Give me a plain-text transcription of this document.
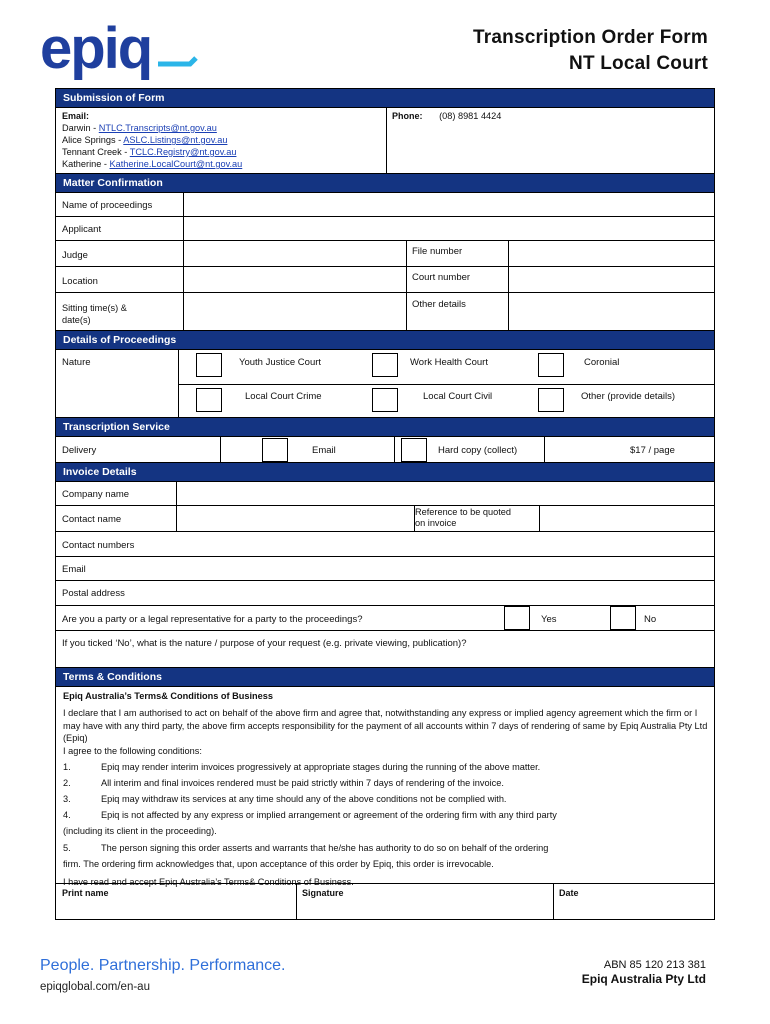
epiq	Transcription Order Form
NT Local Court
Submission of Form
Email:
Darwin - NTLC.Transcripts@nt.gov.au
Alice Springs - ASLC.Listings@nt.gov.au
Tennant Creek - TCLC.Registry@nt.gov.au
Katherine - Katherine.LocalCourt@nt.gov.au
Phone: (08) 8981 4424
Matter Confirmation
Name of proceedings
Applicant
Judge	File number
Location	Court number
Sitting time(s) &
date(s)
Other details
Details of Proceedings
Nature	Youth Justice Court	Work Health Court	Coronial
Local Court Crime	Local Court Civil	Other (provide details)
Transcription Service
Delivery	Email	Hard copy (collect)	$17 / page
Invoice Details
Company name
Contact name
Reference to be quoted
on invoice
Contact numbers
Email
Postal address
Are you a party or a legal representative for a party to the proceedings?	Yes	No
If you ticked ‘No’, what is the nature / purpose of your request (e.g. private viewing, publication)?
Terms & Conditions
Epiq Australia’s Terms& Conditions of Business
I declare that I am authorised to act on behalf of the above firm and agree that, notwithstanding any express or implied agency agreement which the firm or I may have with any third party, the above firm accepts responsibility for the payment of all accounts within 7 days of rendering of same by Epiq Australia Pty Ltd (Epiq)
I agree to the following conditions:
1.	Epiq may render interim invoices progressively at appropriate stages during the running of the above matter.
2.	All interim and final invoices rendered must be paid strictly within 7 days of rendering of the invoice.
3.	Epiq may withdraw its services at any time should any of the above conditions not be complied with.
4.	Epiq is not affected by any express or implied arrangement or agreement of the ordering firm with any third party
(including its client in the proceeding).
5.	The person signing this order asserts and warrants that he/she has authority to do so on behalf of the ordering
firm. The ordering firm acknowledges that, upon acceptance of this order by Epiq, this order is irrevocable.
I have read and accept Epiq Australia’s Terms& Conditions of Business.
Print name	Signature	Date
People. Partnership. Performance.
epiqglobal.com/en-au
ABN 85 120 213 381
Epiq Australia Pty Ltd
